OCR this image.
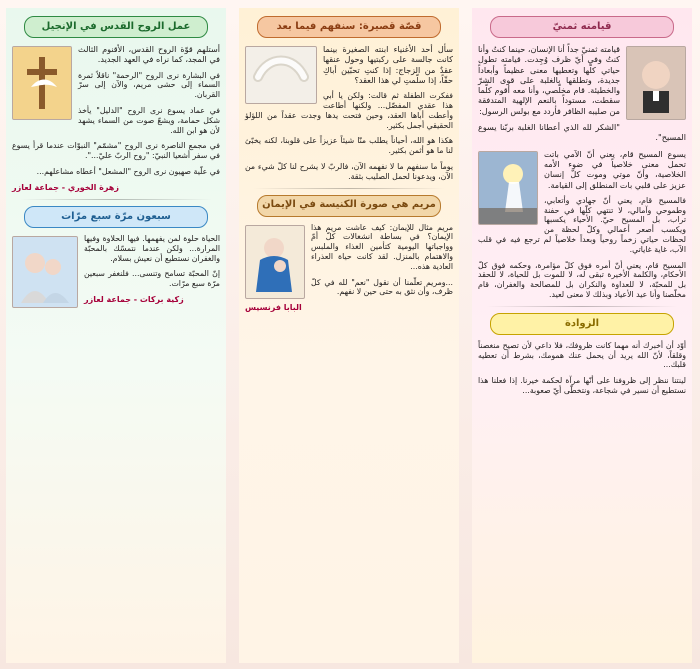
قيامته ثمنيّ

قيامته ثمنيّ جداً أنا الإنسان، حينما كنتُ وأنا كنتُ وفي أيّ ظرف وُجِدت. قيامته تطول حياتي كلّها وتعطيها معنى عظيماً وأبعاداً جديدة، وتطلقها بالغلبة على قوى الشرّ والخطيئة. قام مخلّصي، وأنا معه أقوم كلّما سقطت، مستوداً بالنعم الإلهية المتدفقة من صليبه الظافر فأردد مع بولس الرسول:

"الشكر لله الذي أعطانا الغلبة بربّنا يسوع المسيح".

يسوع المسيح قام، يعني أنّ الآمي باتت تحمل معنى خلاصياً في ضوء الأمه الخلاصية، وأنّ موتي وموت كلّ إنسان عزيز على قلبي بات المنطلق إلى القيامة.

فالمسيح قام، يعني أنّ جهادي وأتعابي، وطموحي وآمالي، لا تنتهي كلّها في حفنة تراب، بل المسيح حيّ. الأحياء يكسبها ويكسب أصعر أعمالي وكلّ لحظة من لحظات حياتي زخماً روحياً وبعداً خلاصياً لم ترجع فيه في قلب الآب، غاية غاياتي.

المسيح قام، يعني أنّ أمره فوق كلّ مؤامرة، وحكمه فوق كلّ الأحكام، والكلمة الأخيرة تبقى له، لا للموت بل للحياة، لا للحقد بل للمحبّة، لا للعداوة والنكران بل للمصالحة والغفران، قام مخلّصنا وأنا عيد الأعياد وبذلك لا معنى لعيد.

الزوادة

أوّد أن أخبرك أنه مهما كانت ظروفك، فلا داعي لأن تصيح منغصناً وقلقاً، لأنّ الله يريد أن يحمل عنك همومك، بشرط أن تعطيه قلبك...

لينتنا ننظر إلى ظروفنا على أنّها مرآة لحكمة خيرنا. إذا فعلنا هذا نستطيع أن نسير في شجاعة، ونتخطّى أيّ صعوبة...

قصّة قصيرة: سنفهم فيما بعد

سأل أحد الأغنياء ابنته الصغيرة بينما كانت جالسة على ركبتيها وحول عنقها عقدٌ من الزجاج: إذا كنتِ تحبّين أباكِ حقّاً، إذا سلّمتِ لي هذا العقد؟

ففكرت الطفلة ثم قالت: ولكن يا أبي هذا عقدي المفضّل... ولكنها أطاعت وأعطت أباها العقد، وحين فتحت يدها وجدت عقداً من اللؤلؤ الحقيقي أجمل بكثير.

هكذا هو الله، أحياناً يطلب منّا شيئاً عزيزاً على قلوبنا، لكنه يخبّئ لنا ما هو أثمن بكثير.

يوماً ما سنفهم ما لا نفهمه الآن، فالربّ لا يشرح لنا كلّ شيء من الآن، ويدعونا لحمل الصليب بثقة.

مريم هي صورة الكنيسة في الإيمان

مريم مثال للإيمان: كيف عاشت مريم هذا الإيمان؟ في بساطة انشغالات كلّ أمّ وواجباتها اليومية كتأمين الغذاء والملبس والاهتمام بالمنزل. لقد كانت حياة العذراء العادية هذه...

...ومريم تعلّمنا أن نقول "نعم" لله في كلّ ظرف، وأن نثق به حتى حين لا نفهم.

البابا فرنسيس
عمل الروح القدس في الإنجيل

أستلهم قوّة الروح القدس، الأقنوم الثالث في المجد، كما نراه في العهد الجديد.

في البشارة نرى الروح "الرحمة" ناقلاً ثمرة السماء إلى حشى مريم، والآن إلى سرّ القربان.

في عماد يسوع نرى الروح "الدليل" يأخذ شكل حمامة، ويشعّ صوت من السماء يشهد لأن هو ابن الله.

في مجمع الناصرة نرى الروح "مشمّم" النبوّات عندما قرأ يسوع في سفر أشعيا النبيّ: "روح الربّ عليّ...".

في علّية صهيون نرى الروح "المشعل" أعطاه مشاعلهم...

زهرة الخوري - جماعة لعازر
سبعون مرّة سبع مرّات

الحياة حلوة لمن يفهمها. فيها الحلاوة وفيها المرارة... ولكن عندما نتمسّك بالمحبّة والغفران نستطيع أن نعيش بسلام.

إنّ المحبّة تسامح وتنسى... فلنغفر سبعين مرّة سبع مرّات.

زكية بركات - جماعة لعازر
